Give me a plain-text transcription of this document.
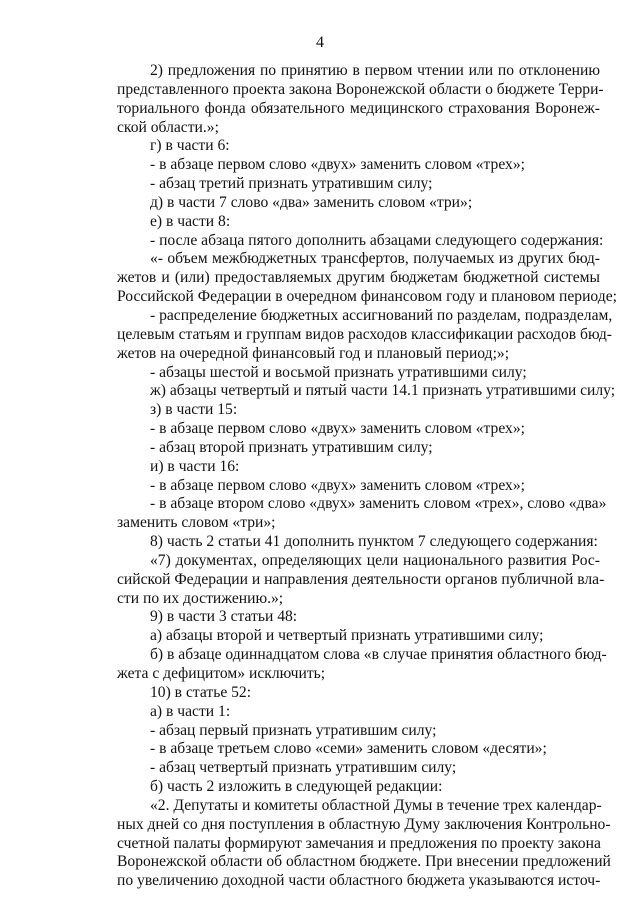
4
2) предложения по принятию в первом чтении или по отклонению
представленного проекта закона Воронежской области о бюджете Терри-
ториального фонда обязательного медицинского страхования Воронеж-
ской области.»;
г) в части 6:
- в абзаце первом слово «двух» заменить словом «трех»;
- абзац третий признать утратившим силу;
д) в части 7 слово «два» заменить словом «три»;
е) в части 8:
- после абзаца пятого дополнить абзацами следующего содержания:
«- объем межбюджетных трансфертов, получаемых из других бюд-
жетов и (или) предоставляемых другим бюджетам бюджетной системы
Российской Федерации в очередном финансовом году и плановом периоде;
- распределение бюджетных ассигнований по разделам, подразделам,
целевым статьям и группам видов расходов классификации расходов бюд-
жетов на очередной финансовый год и плановый период;»;
- абзацы шестой и восьмой признать утратившими силу;
ж) абзацы четвертый и пятый части 14.1 признать утратившими силу;
з) в части 15:
- в абзаце первом слово «двух» заменить словом «трех»;
- абзац второй признать утратившим силу;
и) в части 16:
- в абзаце первом слово «двух» заменить словом «трех»;
- в абзаце втором слово «двух» заменить словом «трех», слово «два»
заменить словом «три»;
8) часть 2 статьи 41 дополнить пунктом 7 следующего содержания:
«7) документах, определяющих цели национального развития Рос-
сийской Федерации и направления деятельности органов публичной вла-
сти по их достижению.»;
9) в части 3 статьи 48:
а) абзацы второй и четвертый признать утратившими силу;
б) в абзаце одиннадцатом слова «в случае принятия областного бюд-
жета с дефицитом» исключить;
10) в статье 52:
а) в части 1:
- абзац первый признать утратившим силу;
- в абзаце третьем слово «семи» заменить словом «десяти»;
- абзац четвертый признать утратившим силу;
б) часть 2 изложить в следующей редакции:
«2. Депутаты и комитеты областной Думы в течение трех календар-
ных дней со дня поступления в областную Думу заключения Контрольно-
счетной палаты формируют замечания и предложения по проекту закона
Воронежской области об областном бюджете. При внесении предложений
по увеличению доходной части областного бюджета указываются источ-
